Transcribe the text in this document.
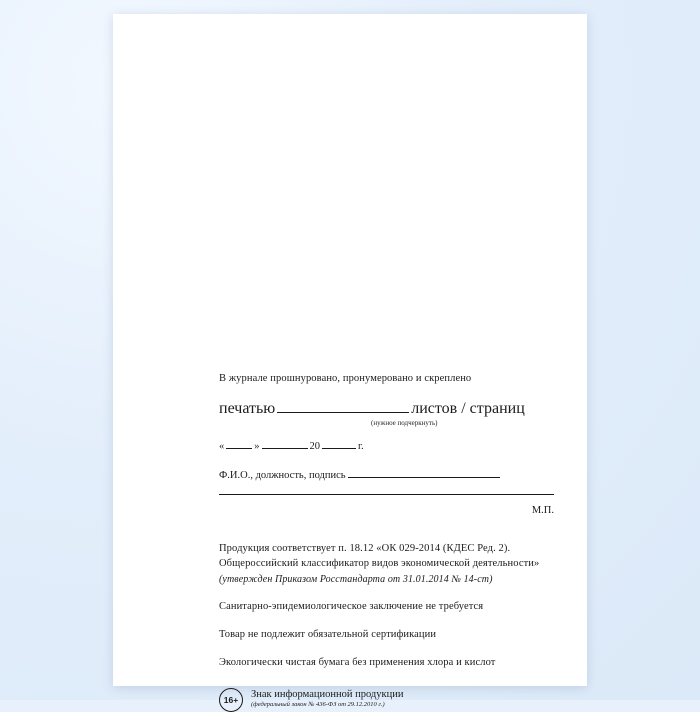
В журнале прошнуровано, пронумеровано и скреплено
печатью	листов / страниц
(нужное подчеркнуть)
«	»	20	г.
Ф.И.О., должность, подпись
М.П.
Продукция соответствует п. 18.12 «ОК 029-2014 (КДЕС Ред. 2).
Общероссийский классификатор видов экономической деятельности»
(утвержден Приказом Росстандарта от 31.01.2014 № 14-ст)
Санитарно-эпидемиологическое заключение не требуется
Товар не подлежит обязательной сертификации
Экологически чистая бумага без применения хлора и кислот
16+	Знак информационной продукции
(федеральный закон № 436-ФЗ от 29.12.2010 г.)
